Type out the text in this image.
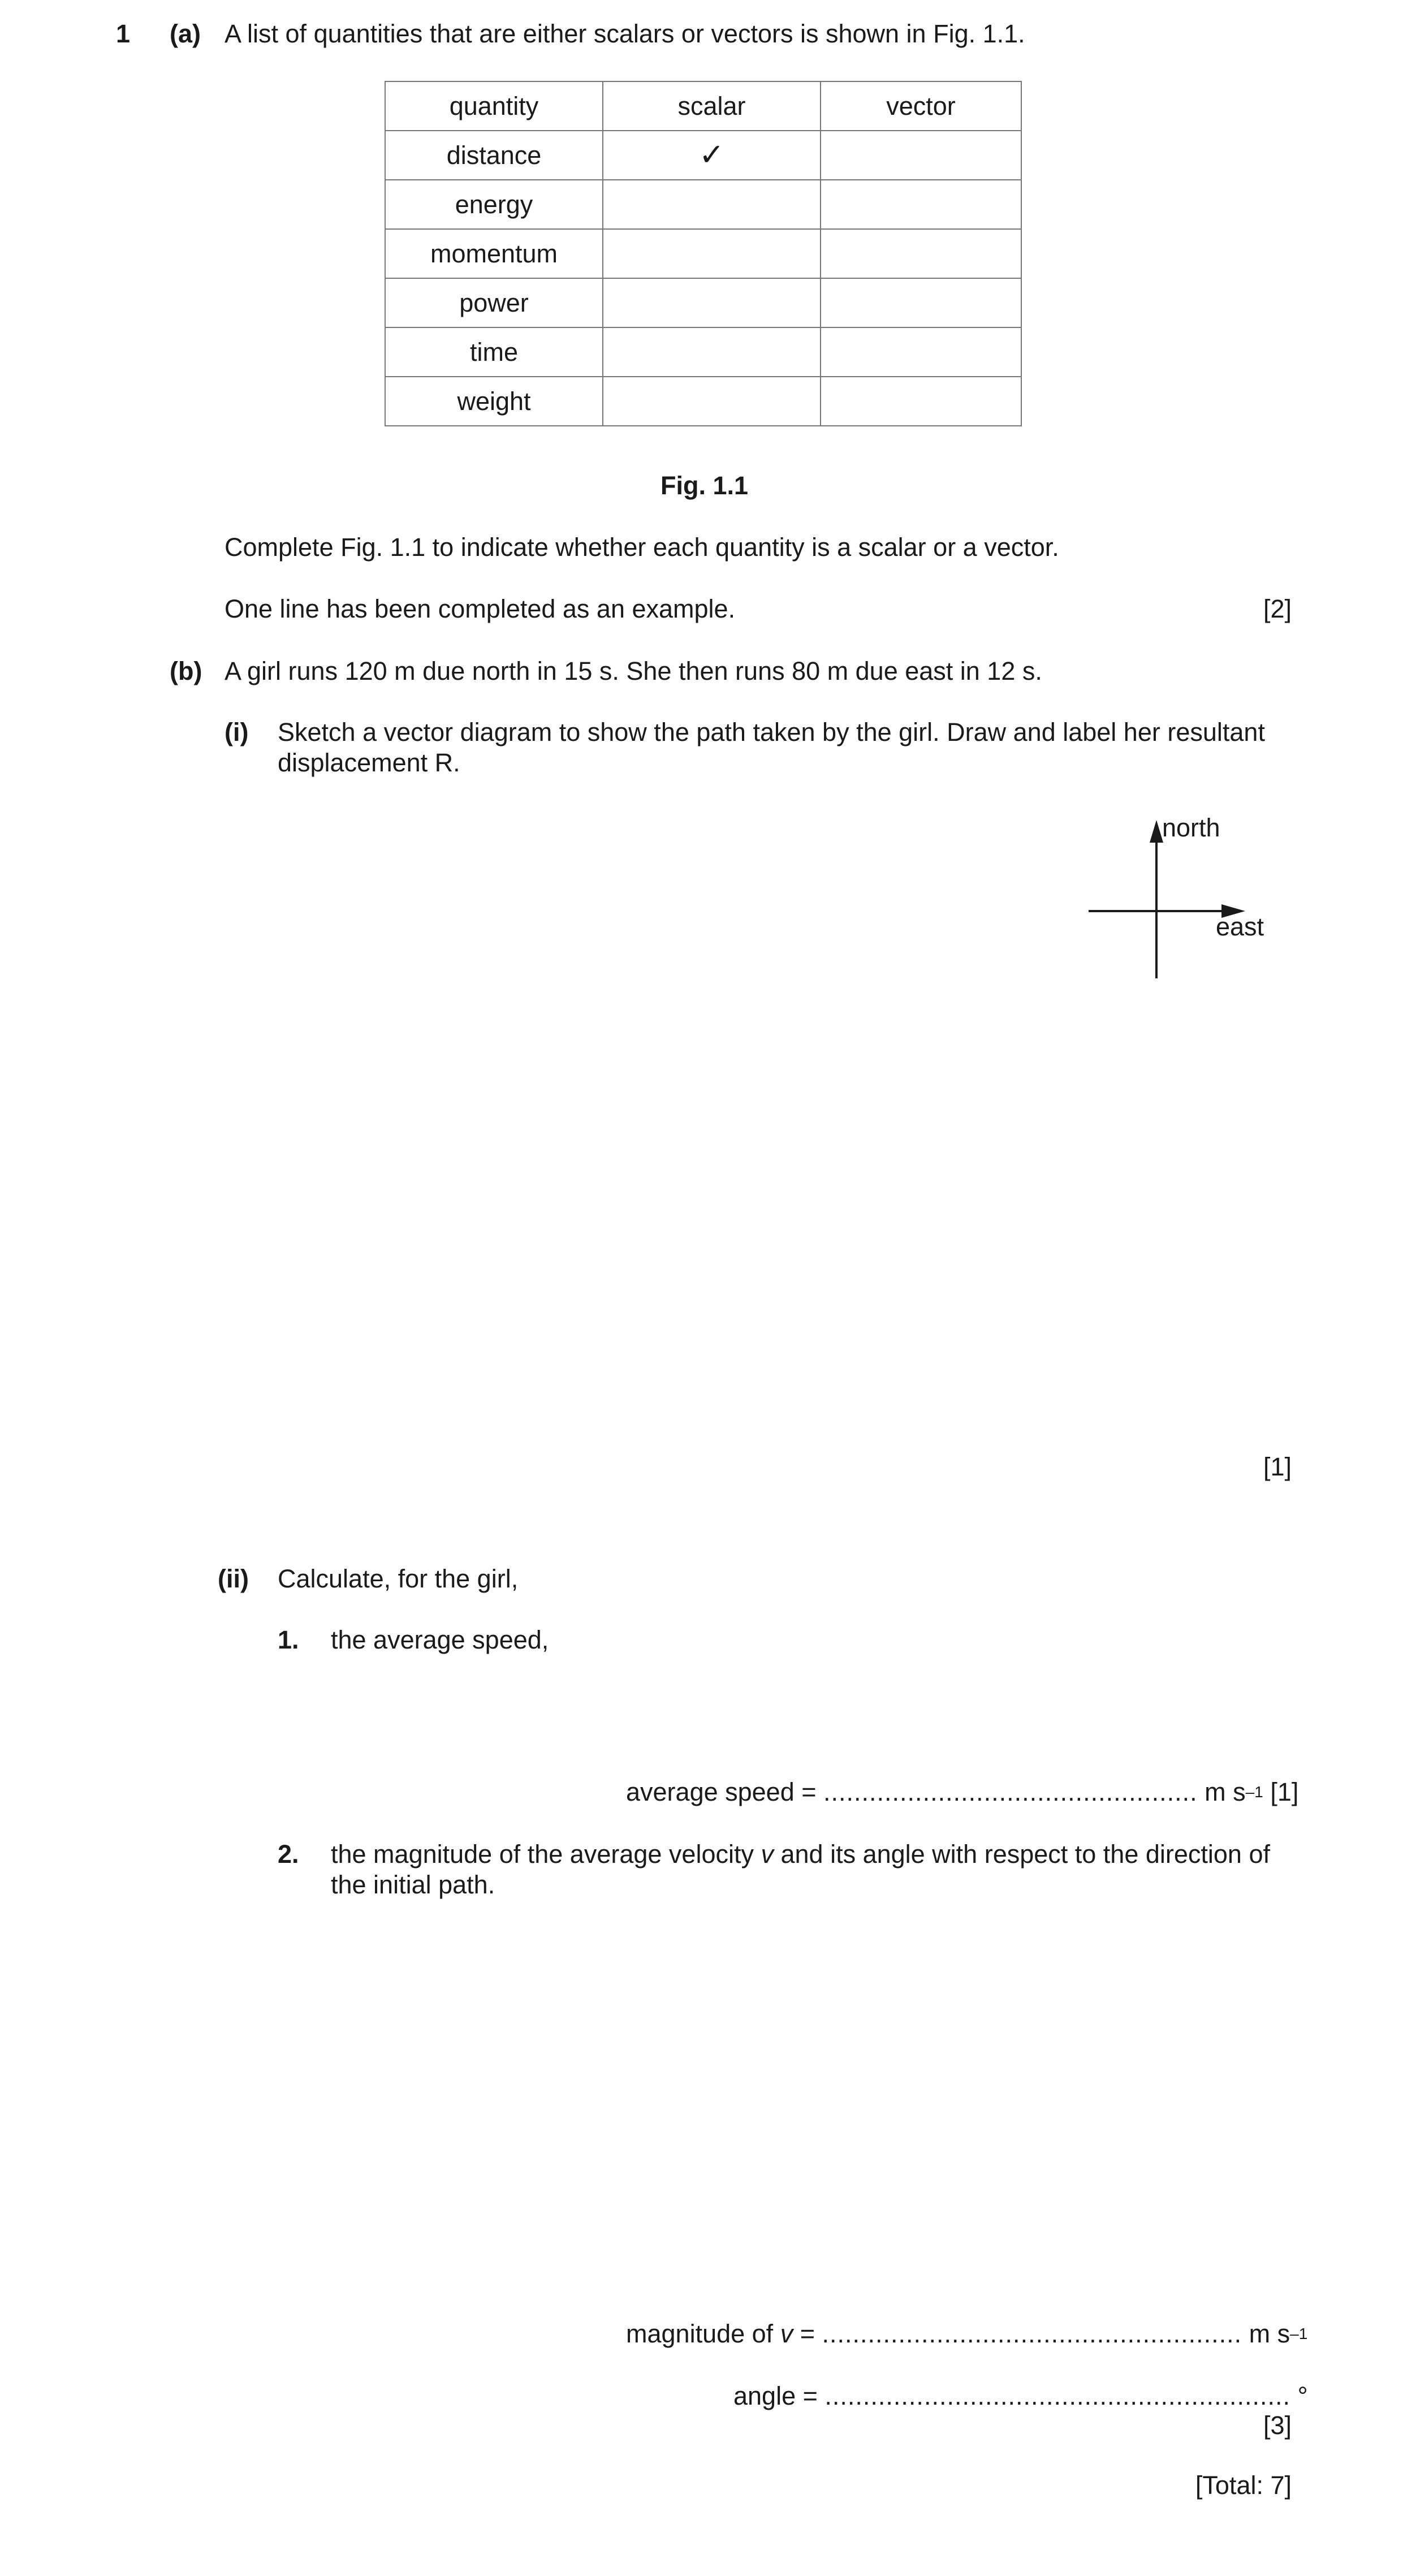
1 (a) A list of quantities that are either scalars or vectors is shown in Fig. 1.1.
quantity	scalar	vector
distance	✓	
energy		
momentum		
power		
time		
weight		
Fig. 1.1
Complete Fig. 1.1 to indicate whether each quantity is a scalar or a vector.
One line has been completed as an example.	[2]
(b) A girl runs 120 m due north in 15 s. She then runs 80 m due east in 12 s.
(i) Sketch a vector diagram to show the path taken by the girl. Draw and label her resultant displacement R.
north
east
[1]
(ii) Calculate, for the girl,
1. the average speed,
average speed = ................................................. m $s^{-1}$ [1]
2. the magnitude of the average velocity v and its angle with respect to the direction of the initial path.
magnitude of v = ....................................................... m $s^{-1}$
angle = ............................................................. °
[3]
[Total: 7]
